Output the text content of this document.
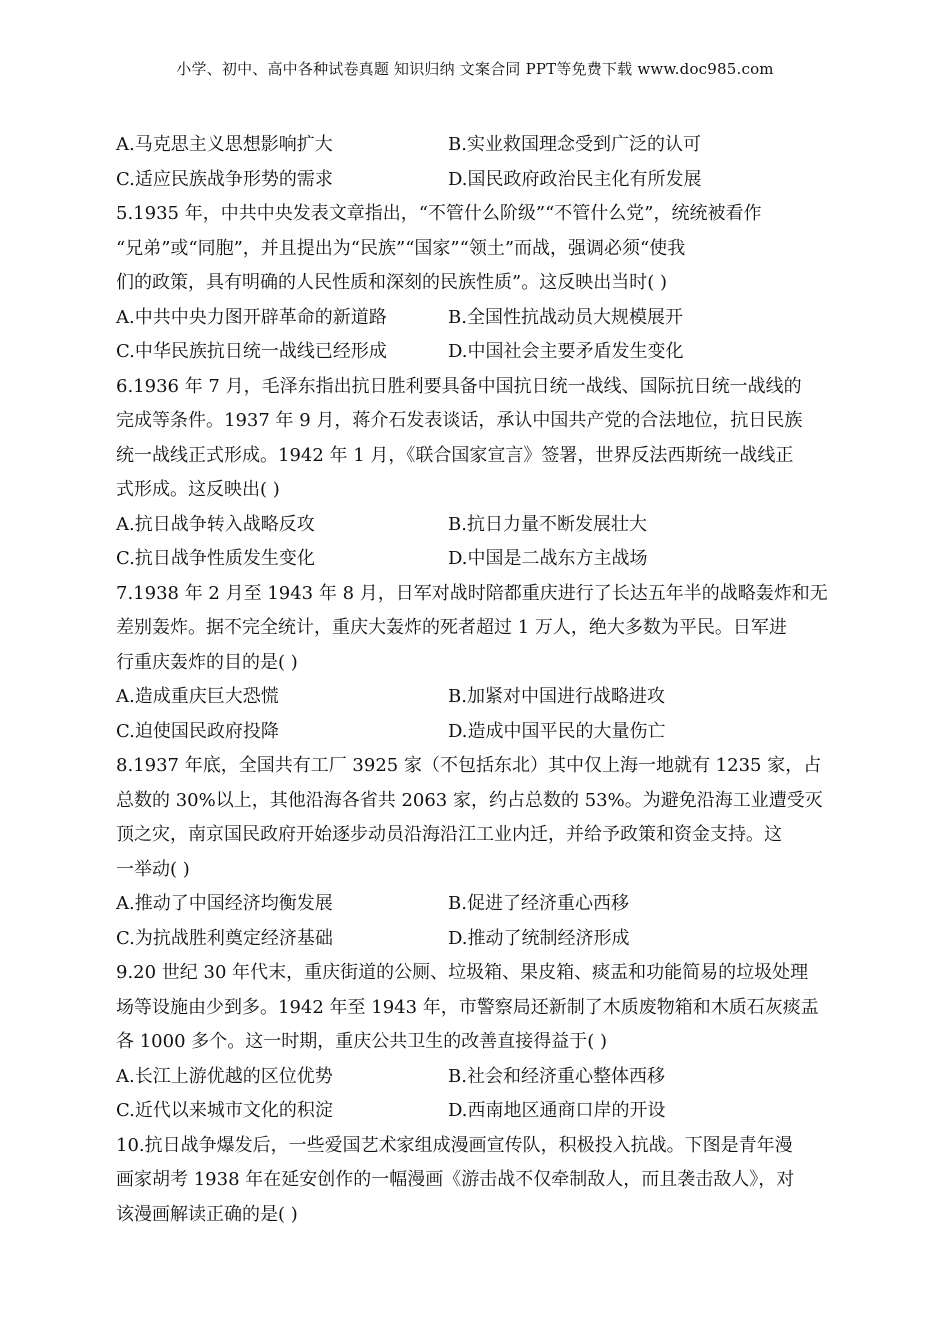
小学、初中、高中各种试卷真题 知识归纳 文案合同 PPT等免费下载 www.doc985.com
A.马克思主义思想影响扩大	B.实业救国理念受到广泛的认可
C.适应民族战争形势的需求	D.国民政府政治民主化有所发展
5.1935 年，中共中央发表文章指出，“不管什么阶级”“不管什么党”，统统被看作
“兄弟”或“同胞”，并且提出为“民族”“国家”“领土”而战，强调必须“使我
们的政策，具有明确的人民性质和深刻的民族性质”。这反映出当时( )
A.中共中央力图开辟革命的新道路	B.全国性抗战动员大规模展开
C.中华民族抗日统一战线已经形成	D.中国社会主要矛盾发生变化
6.1936 年 7 月，毛泽东指出抗日胜利要具备中国抗日统一战线、国际抗日统一战线的
完成等条件。1937 年 9 月，蒋介石发表谈话，承认中国共产党的合法地位，抗日民族
统一战线正式形成。1942 年 1 月，《联合国家宣言》签署，世界反法西斯统一战线正
式形成。这反映出( )
A.抗日战争转入战略反攻	B.抗日力量不断发展壮大
C.抗日战争性质发生变化	D.中国是二战东方主战场
7.1938 年 2 月至 1943 年 8 月，日军对战时陪都重庆进行了长达五年半的战略轰炸和无
差别轰炸。据不完全统计，重庆大轰炸的死者超过 1 万人，绝大多数为平民。日军进
行重庆轰炸的目的是( )
A.造成重庆巨大恐慌	B.加紧对中国进行战略进攻
C.迫使国民政府投降	D.造成中国平民的大量伤亡
8.1937 年底，全国共有工厂 3925 家（不包括东北）其中仅上海一地就有 1235 家，占
总数的 30%以上，其他沿海各省共 2063 家，约占总数的 53%。为避免沿海工业遭受灭
顶之灾，南京国民政府开始逐步动员沿海沿江工业内迁，并给予政策和资金支持。这
一举动( )
A.推动了中国经济均衡发展	B.促进了经济重心西移
C.为抗战胜利奠定经济基础	D.推动了统制经济形成
9.20 世纪 30 年代末，重庆街道的公厕、垃圾箱、果皮箱、痰盂和功能简易的垃圾处理
场等设施由少到多。1942 年至 1943 年，市警察局还新制了木质废物箱和木质石灰痰盂
各 1000 多个。这一时期，重庆公共卫生的改善直接得益于( )
A.长江上游优越的区位优势	B.社会和经济重心整体西移
C.近代以来城市文化的积淀	D.西南地区通商口岸的开设
10.抗日战争爆发后，一些爱国艺术家组成漫画宣传队，积极投入抗战。下图是青年漫
画家胡考 1938 年在延安创作的一幅漫画《游击战不仅牵制敌人，而且袭击敌人》，对
该漫画解读正确的是( )
